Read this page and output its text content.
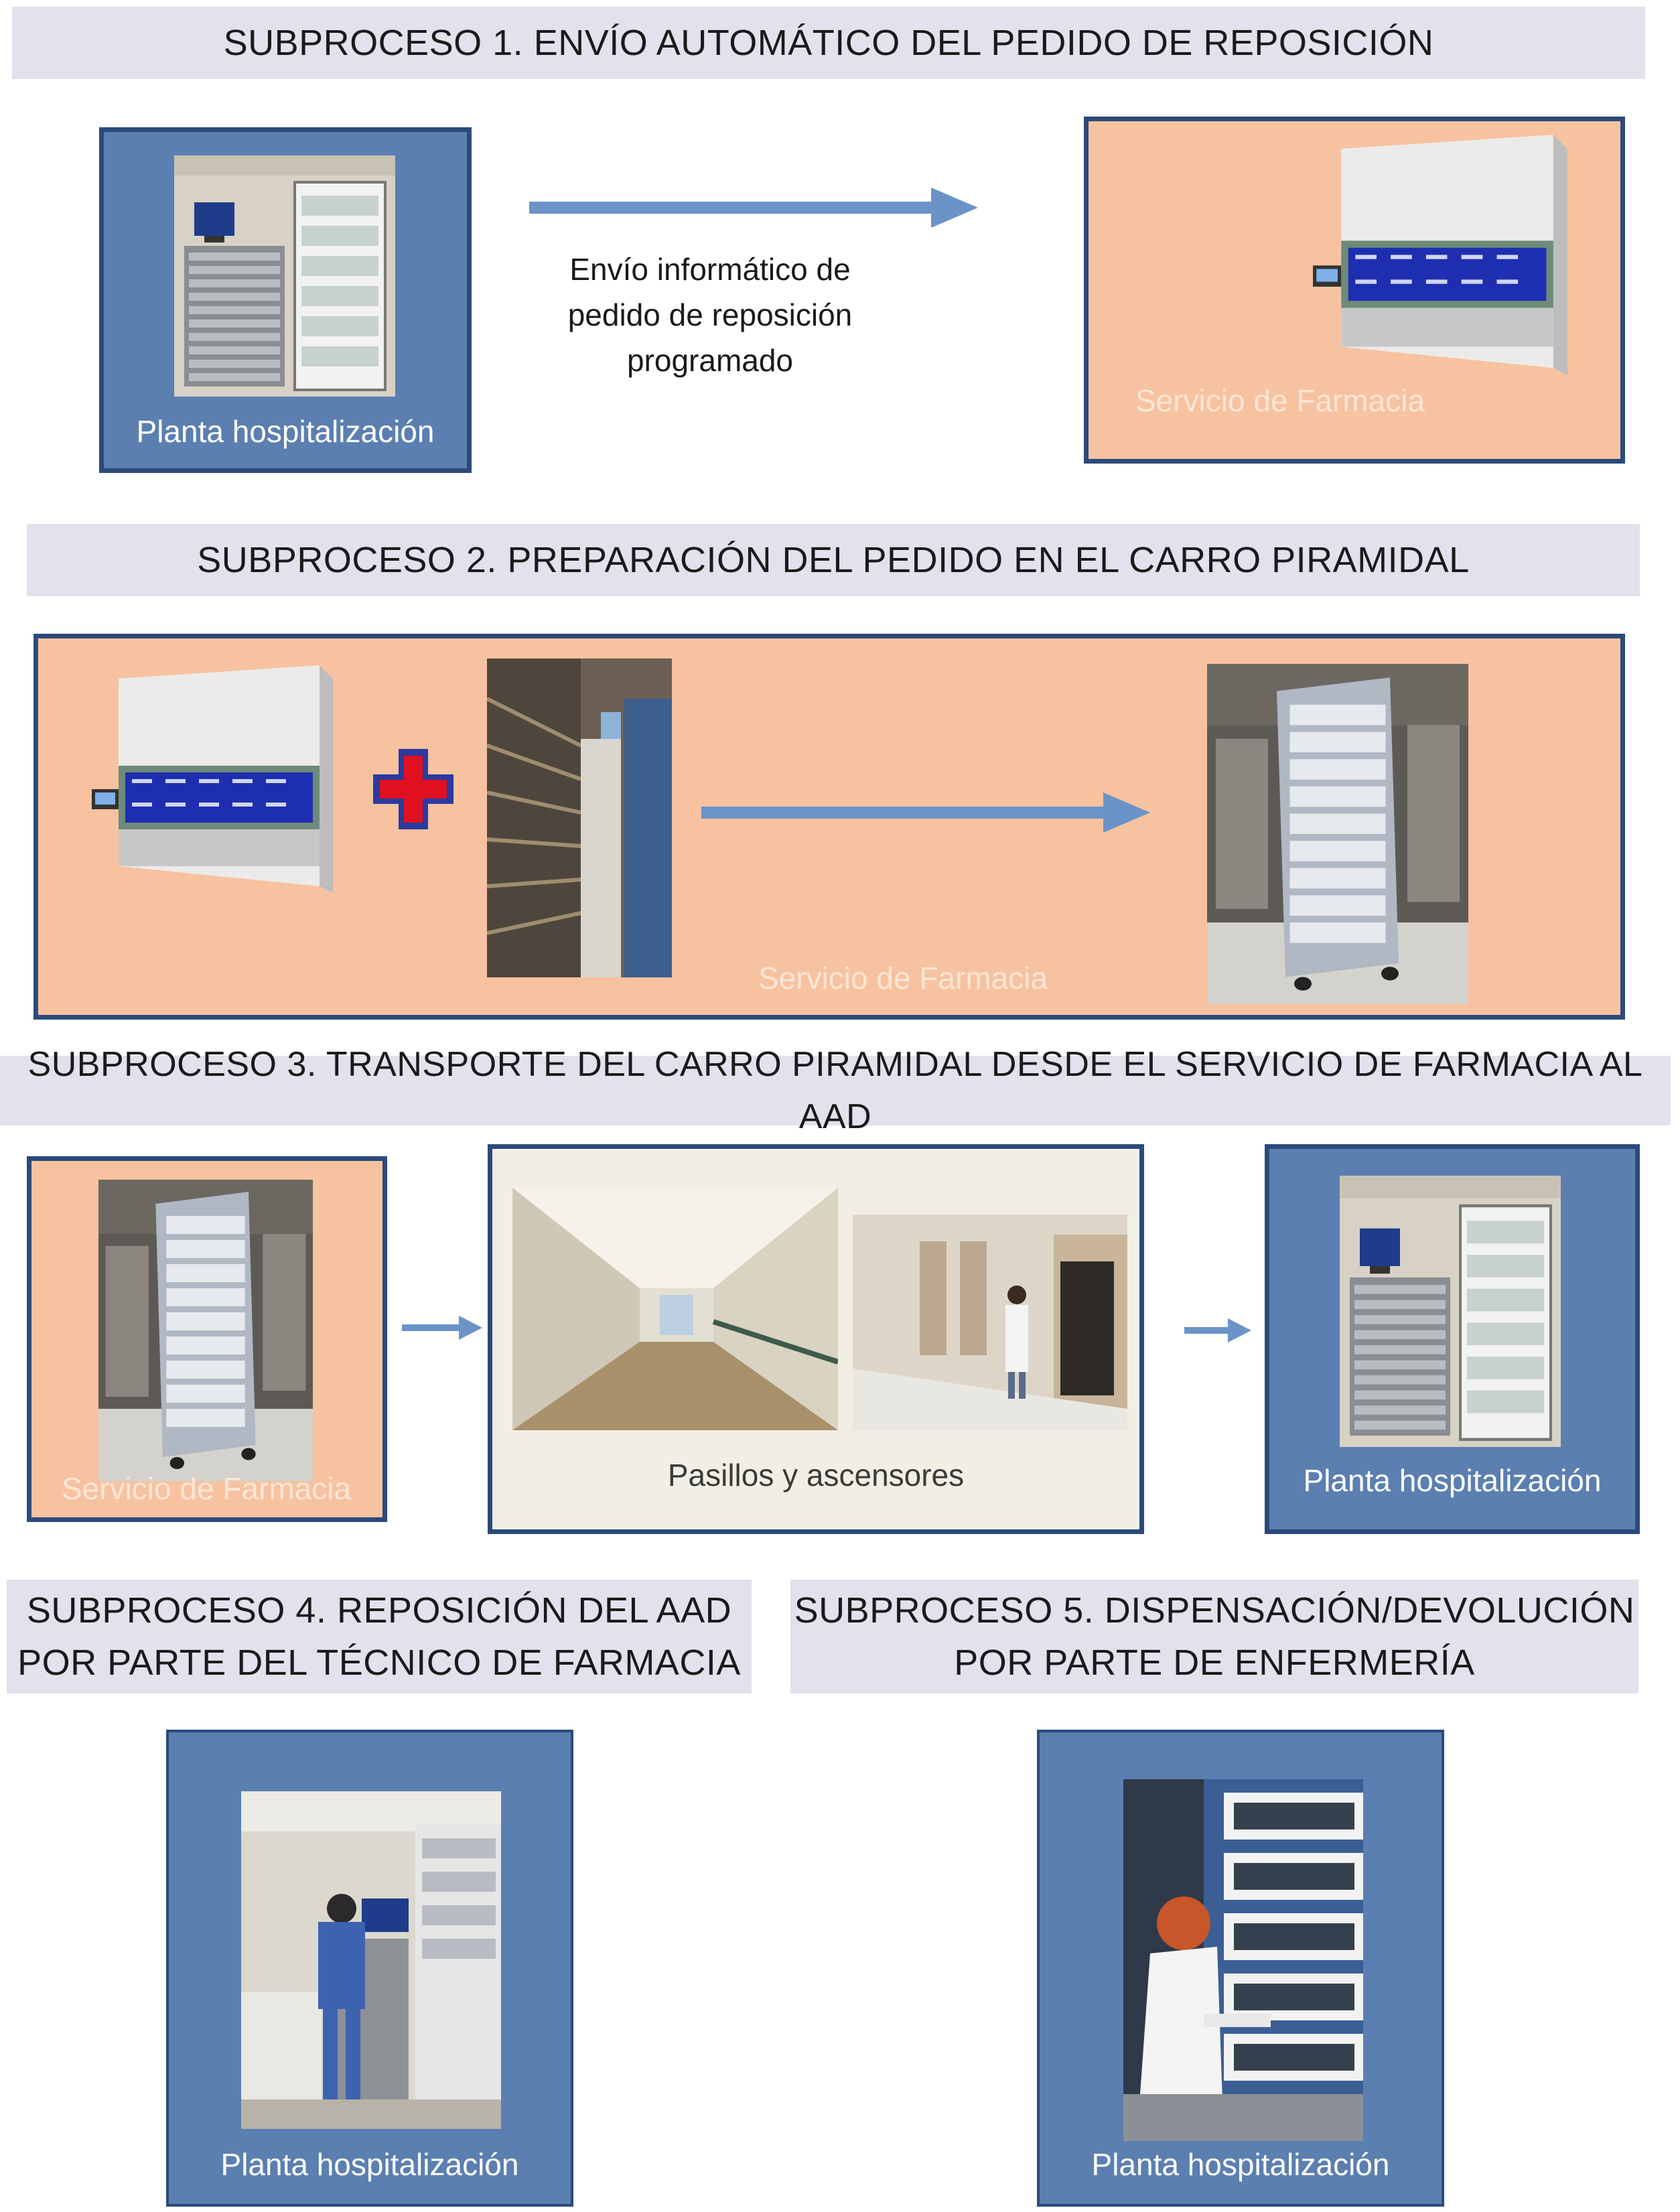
SUBPROCESO 1. ENVÍO AUTOMÁTICO DEL PEDIDO DE REPOSICIÓN
Planta hospitalización
Envío informático de
pedido de reposición
programado
Servicio de Farmacia
SUBPROCESO 2. PREPARACIÓN DEL PEDIDO EN EL CARRO PIRAMIDAL
Servicio de Farmacia
SUBPROCESO 3. TRANSPORTE DEL CARRO PIRAMIDAL DESDE EL SERVICIO DE FARMACIA AL AAD
Servicio de Farmacia	Pasillos y ascensores	Planta hospitalización
SUBPROCESO 4. REPOSICIÓN DEL AAD
POR PARTE DEL TÉCNICO DE FARMACIA
SUBPROCESO 5. DISPENSACIÓN/DEVOLUCIÓN
POR PARTE DE ENFERMERÍA
Planta hospitalización	Planta hospitalización
